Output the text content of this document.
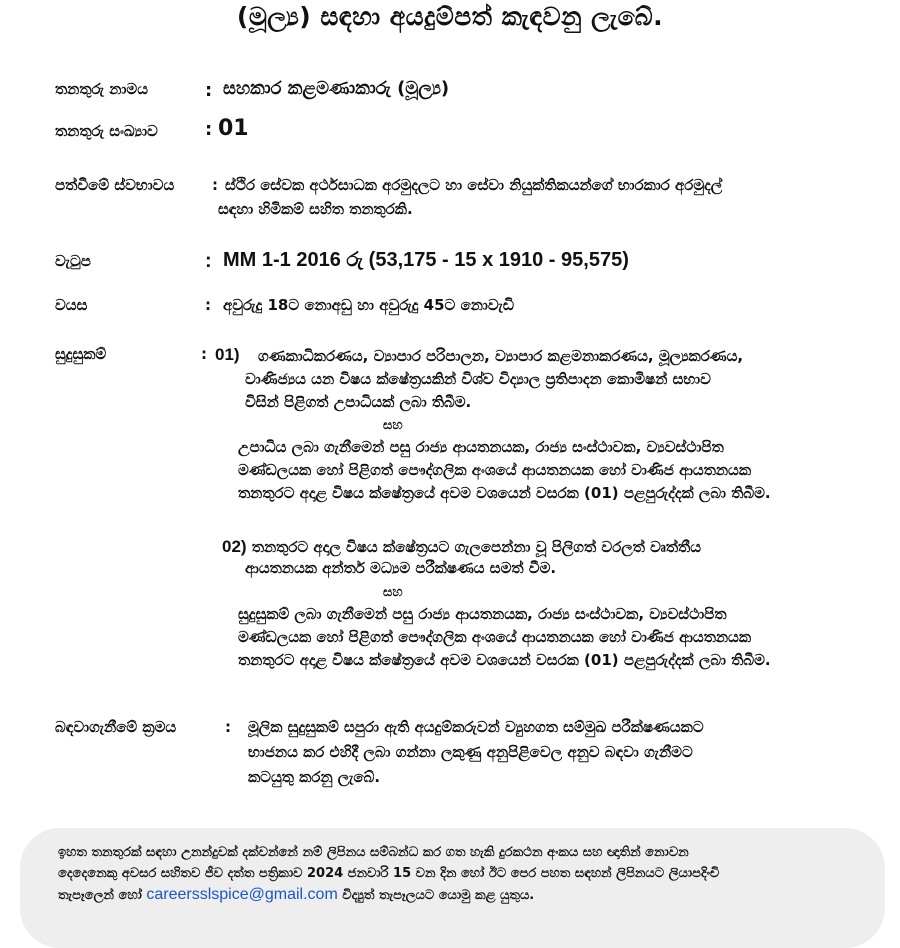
(මූල්‍ය) සඳහා අයදුම්පත් කැඳවනු ලැබේ.
තනතුරු නාමය	: සහකාර කළමණාකාරු (මූල්‍ය)
තනතුරු සංඛ්‍යාව	: 01
පත්වීමේ ස්වභාවය	: ස්ථිර සේවක අර්ථසාධක අරමුදලට හා සේවා නියුක්තිකයන්ගේ භාරකාර අරමුදල්
සඳහා හිමිකම් සහිත තනතුරකි.
වැටුප	: MM 1-1 2016 රු (53,175 - 15 x 1910 - 95,575)
වයස	: අවුරුදු 18ට නොඅඩු හා අවුරුදු 45ට නොවැඩි
සුදුසුකම්	: 01) ගණකාධිකරණය, ව්‍යාපාර පරිපාලන, ව්‍යාපාර කළමනාකරණය, මූල්‍යකරණය,
වාණිජ්‍යය යන විෂය ක්ෂේත්‍රයකින් විශ්ව විද්‍යාල ප්‍රතිපාදන කොමිෂන් සභාව
විසින් පිළිගත් උපාධියක් ලබා තිබීම.
සහ
උපාධිය ලබා ගැනීමෙන් පසු රාජ්‍ය ආයතනයක, රාජ්‍ය සංස්ථාවක, ව්‍යවස්ථාපිත
මණ්ඩලයක හෝ පිළිගත් පෞද්ගලික අංශයේ ආයතනයක හෝ වාණිජ ආයතනයක
තනතුරට අදාළ විෂය ක්ෂේත්‍රයේ අවම වශයෙන් වසරක (01) පළපුරුද්දක් ලබා තිබීම.
02) තනතුරට අදාල විෂය ක්ෂේත්‍රයට ගැලපෙන්නා වූ පිලිගත් වරලත් වෘත්තීය
ආයතනයක අන්තර් මධ්‍යම පරීක්ෂණය සමත් වීම.
සහ
සුදුසුකම් ලබා ගැනීමෙන් පසු රාජ්‍ය ආයතනයක, රාජ්‍ය සංස්ථාවක, ව්‍යවස්ථාපිත
මණ්ඩලයක හෝ පිළිගත් පෞද්ගලික අංශයේ ආයතනයක හෝ වාණිජ ආයතනයක
තනතුරට අදාළ විෂය ක්ෂේත්‍රයේ අවම වශයෙන් වසරක (01) පළපුරුද්දක් ලබා තිබීම.
බඳවාගැනීමේ ක්‍රමය	: මූලික සුදුසුකම් සපුරා ඇති අයදුම්කරුවන් ව්‍යුහගත සම්මුඛ පරීක්ෂණයකට
භාජනය කර එහිදී ලබා ගන්නා ලකුණු අනුපිළිවෙල අනුව බඳවා ගැනීමට
කටයුතු කරනු ලැබේ.
ඉහත තනතුරක් සඳහා උනන්දුවක් දක්වන්නේ නම් ලිපිනය සම්බන්ධ කර ගත හැකි දුරකථන අංකය සහ ඥාතින් නොවන
දෙදෙනෙකු අවසර සහිතව ජීව දත්ත පත්‍රිකාව 2024 ජනවාරි 15 වන දින හෝ ඊට පෙර පහත සඳහන් ලිපිනයට ලියාපදිංචි
තැපෑලෙන් හෝ careersslspice@gmail.com විද්‍යුත් තැපෑලයට යොමු කළ යුතුය.
